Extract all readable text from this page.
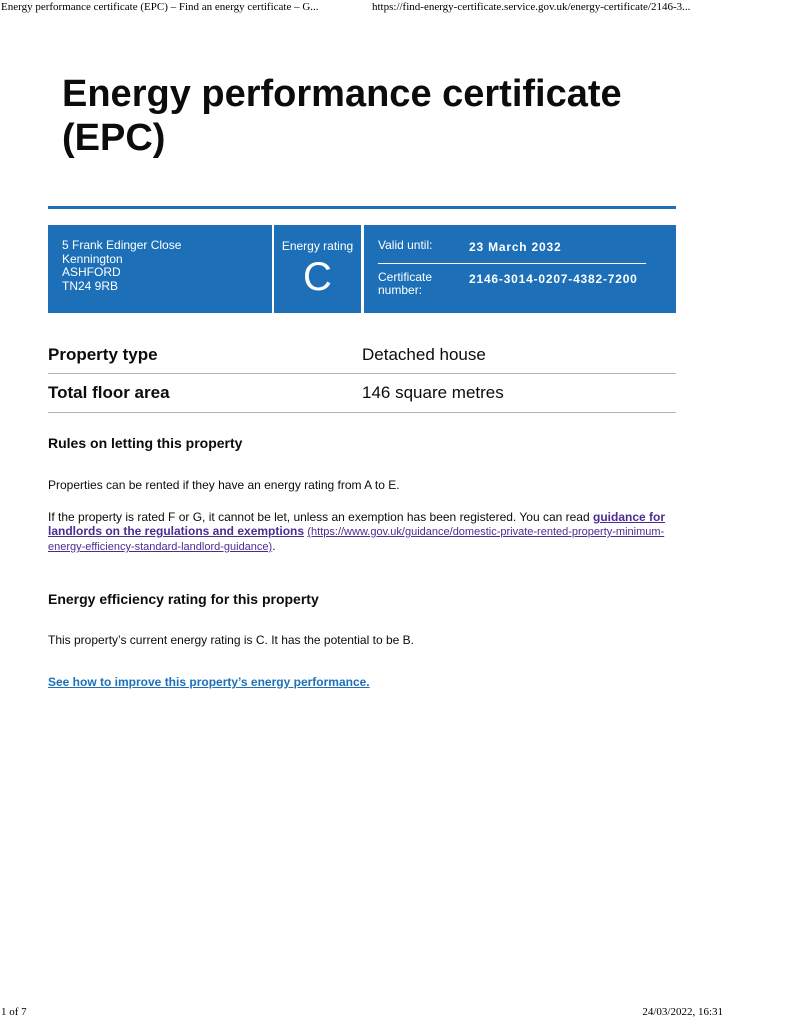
Energy performance certificate (EPC) – Find an energy certificate – G...	https://find-energy-certificate.service.gov.uk/energy-certificate/2146-3...
Energy performance certificate (EPC)
5 Frank Edinger Close
Kennington
ASHFORD
TN24 9RB
Energy rating
C
Valid until:	23 March 2032
Certificate number:
2146-3014-0207-4382-7200
Property type	Detached house
Total floor area	146 square metres
Rules on letting this property

Properties can be rented if they have an energy rating from A to E.

If the property is rated F or G, it cannot be let, unless an exemption has been registered. You can read guidance for landlords on the regulations and exemptions (https://www.gov.uk/guidance/domestic-private-rented-property-minimum-energy-efficiency-standard-landlord-guidance).

Energy efficiency rating for this property

This property’s current energy rating is C. It has the potential to be B.

See how to improve this property’s energy performance.

1 of 7	24/03/2022, 16:31
